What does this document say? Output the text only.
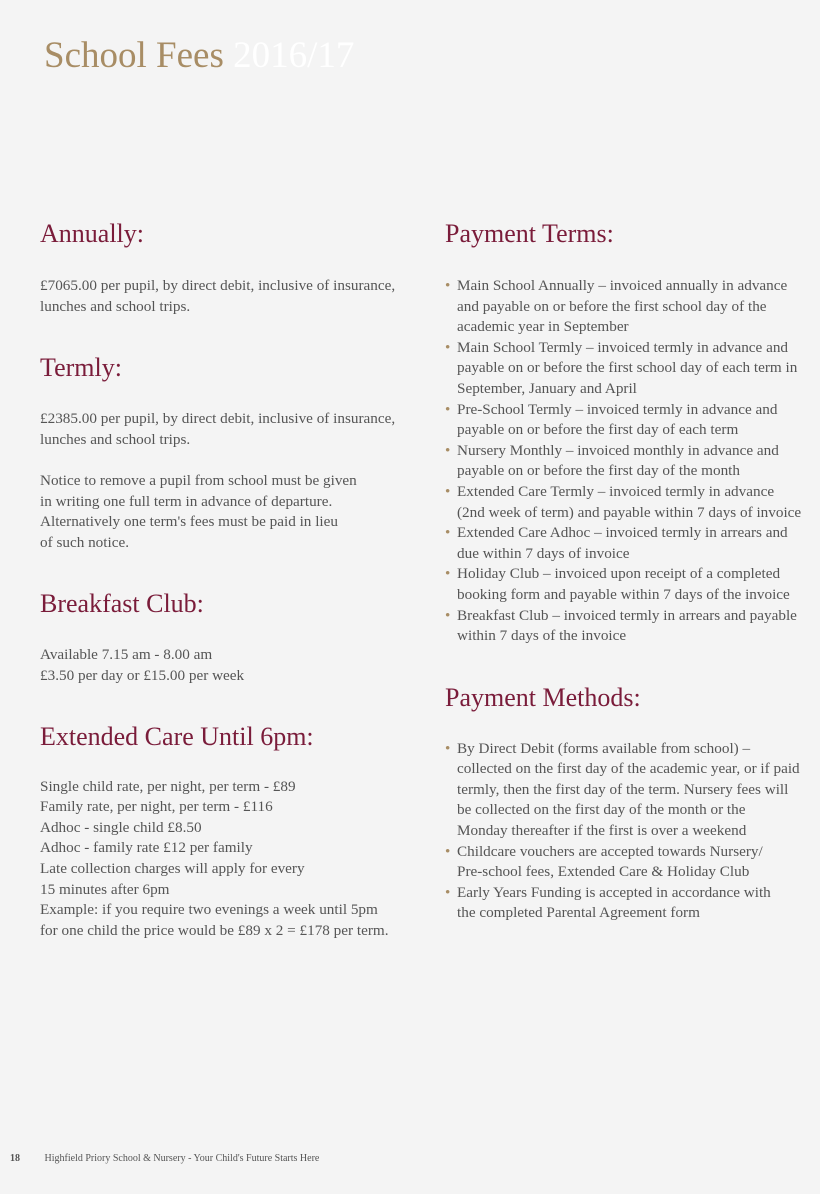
School Fees 2016/17
Annually:

£7065.00 per pupil, by direct debit, inclusive of insurance,
lunches and school trips.

Termly:

£2385.00 per pupil, by direct debit, inclusive of insurance,
lunches and school trips.

Notice to remove a pupil from school must be given
in writing one full term in advance of departure.
Alternatively one term's fees must be paid in lieu
of such notice.

Breakfast Club:

Available 7.15 am - 8.00 am
£3.50 per day or £15.00 per week

Extended Care Until 6pm:

Single child rate, per night, per term - £89
Family rate, per night, per term - £116
Adhoc - single child £8.50
Adhoc - family rate £12 per family
Late collection charges will apply for every
15 minutes after 6pm
Example: if you require two evenings a week until 5pm
for one child the price would be £89 x 2 = £178 per term.

Payment Terms:
• Main School Annually – invoiced annually in advance
and payable on or before the first school day of the
academic year in September
• Main School Termly – invoiced termly in advance and
payable on or before the first school day of each term in
September, January and April
• Pre-School Termly – invoiced termly in advance and
payable on or before the first day of each term
• Nursery Monthly – invoiced monthly in advance and
payable on or before the first day of the month
• Extended Care Termly – invoiced termly in advance
(2nd week of term) and payable within 7 days of invoice
• Extended Care Adhoc – invoiced termly in arrears and
due within 7 days of invoice
• Holiday Club – invoiced upon receipt of a completed
booking form and payable within 7 days of the invoice
• Breakfast Club – invoiced termly in arrears and payable
within 7 days of the invoice
Payment Methods:
• By Direct Debit (forms available from school) –
collected on the first day of the academic year, or if paid
termly, then the first day of the term. Nursery fees will
be collected on the first day of the month or the
Monday thereafter if the first is over a weekend
• Childcare vouchers are accepted towards Nursery/
Pre-school fees, Extended Care & Holiday Club
• Early Years Funding is accepted in accordance with
the completed Parental Agreement form
18 Highfield Priory School & Nursery - Your Child's Future Starts Here
